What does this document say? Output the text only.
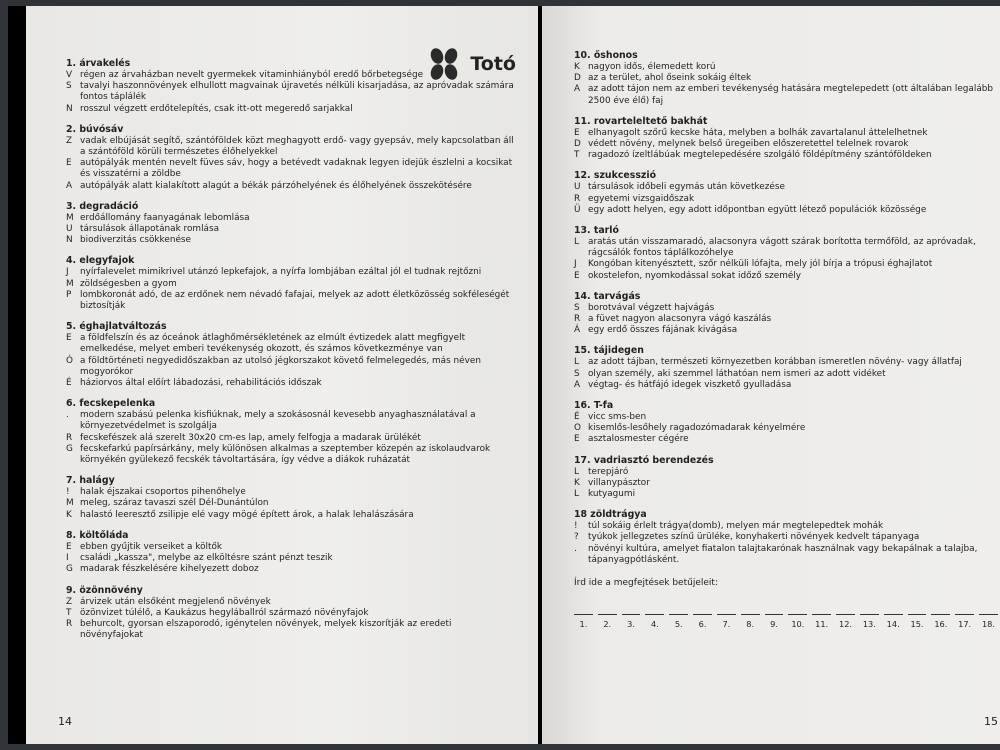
Totó
1. árvakelés
V régen az árvaházban nevelt gyermekek vitaminhiányból eredő bőrbetegsége
S tavalyi haszonnövények elhullott magvainak újravetés nélküli kisarjadása, az apróvadak számára fontos táplálék
N rosszul végzett erdőtelepítés, csak itt-ott megeredő sarjakkal
2. búvósáv
Z vadak elbújását segítő, szántóföldek közt meghagyott erdő- vagy gyepsáv, mely kapcsolatban áll a szántóföld körüli természetes élőhelyekkel
E autópályák mentén nevelt füves sáv, hogy a betévedt vadaknak legyen idejük észlelni a kocsikat és visszatérni a zöldbe
A autópályák alatt kialakított alagút a békák párzóhelyének és élőhelyének összekötésére
3. degradáció
M erdőállomány faanyagának lebomlása
U társulások állapotának romlása
N biodiverzitás csökkenése
4. elegyfajok
J	nyírfalevelet mimikrivel utánzó lepkefajok, a nyírfa lombjában ezáltal jól el tudnak rejtőzni
M zöldségesben a gyom
P lombkoronát adó, de az erdőnek nem névadó fafajai, melyek az adott életközösség sokféleségét biztosítják
5. éghajlatváltozás
E a földfelszín és az óceánok átlaghőmérsékletének az elmúlt évtizedek alatt megfigyelt emelkedése, melyet emberi tevékenység okozott, és számos következménye van
Ó a földtörténeti negyedidőszakban az utolsó jégkorszakot követő felmelegedés, más néven mogyorókor
É háziorvos által előírt lábadozási, rehabilitációs időszak
6. fecskepelenka
.	modern szabású pelenka kisfiúknak, mely a szokásosnál kevesebb anyaghasználatával a környezetvédelmet is szolgálja
R fecskefészek alá szerelt 30x20 cm-es lap, amely felfogja a madarak ürülékét
G fecskefarkú papírsárkány, mely különösen alkalmas a szeptember közepén az iskolaudvarok környékén gyülekező fecskék távoltartására, így védve a diákok ruházatát
7. halágy
!	halak éjszakai csoportos pihenőhelye
M meleg, száraz tavaszi szél Dél-Dunántúlon
K halastó leeresztő zsilipje elé vagy mögé épített árok, a halak lehalászására
8. költőláda
E ebben gyűjtik verseiket a költők
I	családi „kassza", melybe az elköltésre szánt pénzt teszik
G madarak fészkelésére kihelyezett doboz
9. özönnövény
Z árvizek után elsőként megjelenő növények
T özönvizet túlélő, a Kaukázus hegyláballról származó növényfajok
R behurcolt, gyorsan elszaporodó, igénytelen növények, melyek kiszorítják az eredeti növényfajokat
14
10. őshonos
K nagyon idős, élemedett korú
D az a terület, ahol őseink sokáig éltek
A az adott tájon nem az emberi tevékenység hatására megtelepedett (ott általában legalább 2500 éve élő) faj
11. rovarteleltető bakhát
E elhanyagolt szőrű kecske háta, melyben a bolhák zavartalanul áttelelhetnek
D védett növény, melynek belső üregeiben előszeretettel telelnek rovarok
T ragadozó ízeltlábúak megtelepedésére szolgáló földépítmény szántóföldeken
12. szukcesszió
U társulások időbeli egymás után következése
R egyetemi vizsgaidőszak
Ü egy adott helyen, egy adott időpontban együtt létező populációk közössége
13. tarló
L	aratás után visszamaradó, alacsonyra vágott szárak borította termőföld, az apróvadak, rágcsálók fontos táplálkozóhelye
J	Kongóban kitenyésztett, szőr nélküli lófajta, mely jól bírja a trópusi éghajlatot
E okostelefon, nyomkodással sokat időző személy
14. tarvágás
S borotvával végzett hajvágás
R a füvet nagyon alacsonyra vágó kaszálás
Á egy erdő összes fájának kivágása
15. tájidegen
L	az adott tájban, természeti környezetben korábban ismeretlen növény- vagy állatfaj
S olyan személy, aki szemmel láthatóan nem ismeri az adott vidéket
A végtag- és hátfájó idegek viszkető gyulladása
16. T-fa
É vicc sms-ben
O kisemlős-lesőhely ragadozómadarak kényelmére
E asztalosmester cégére
17. vadriasztó berendezés
L	terepjáró
K villanypásztor
L	kutyagumi
18 zöldtrágya
!	túl sokáig érlelt trágya(domb), melyen már megtelepedtek mohák
?	tyúkok jellegzetes színű ürüléke, konyhakerti növények kedvelt tápanyaga
.	növényi kultúra, amelyet fiatalon talajtakarónak használnak vagy bekapálnak a talajba, tápanyagpótlásként.
Írd ide a megfejtések betűjeleit:
1.	2.	3.	4.	5.	6.	7.	8.	9.	10.	11.	12.	13.	14.	15.	16.	17.	18.
15
